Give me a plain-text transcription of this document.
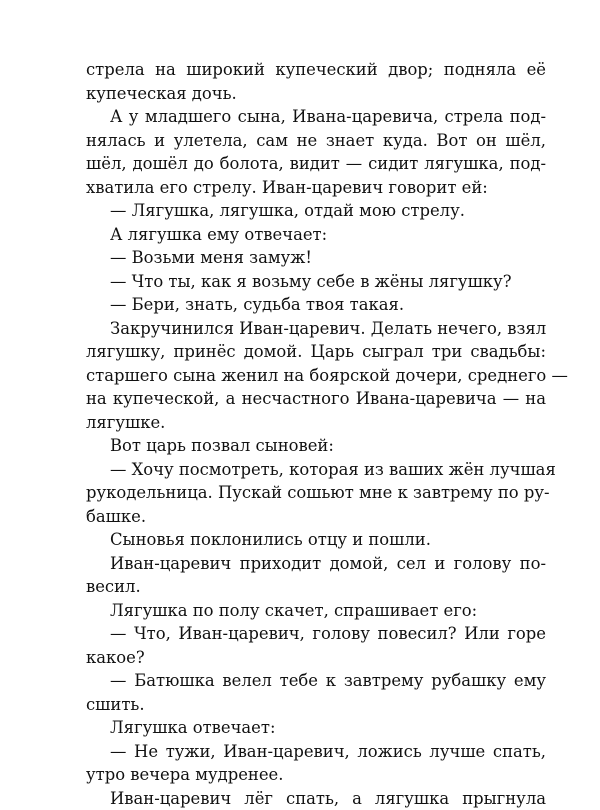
стрела на широкий купеческий двор; подняла её
купеческая дочь.
А у младшего сына, Ивана-царевича, стрела под-
нялась и улетела, сам не знает куда. Вот он шёл,
шёл, дошёл до болота, видит — сидит лягушка, под-
хватила его стрелу. Иван-царевич говорит ей:
— Лягушка, лягушка, отдай мою стрелу.
А лягушка ему отвечает:
— Возьми меня замуж!
— Что ты, как я возьму себе в жёны лягушку?
— Бери, знать, судьба твоя такая.
Закручинился Иван-царевич. Делать нечего, взял
лягушку, принёс домой. Царь сыграл три свадьбы:
старшего сына женил на боярской дочери, среднего —
на купеческой, а несчастного Ивана-царевича — на
лягушке.
Вот царь позвал сыновей:
— Хочу посмотреть, которая из ваших жён лучшая
рукодельница. Пускай сошьют мне к завтрему по ру-
башке.
Сыновья поклонились отцу и пошли.
Иван-царевич приходит домой, сел и голову по-
весил.
Лягушка по полу скачет, спрашивает его:
— Что, Иван-царевич, голову повесил? Или горе
какое?
— Батюшка велел тебе к завтрему рубашку ему
сшить.
Лягушка отвечает:
— Не тужи, Иван-царевич, ложись лучше спать,
утро вечера мудренее.
Иван-царевич лёг спать, а лягушка прыгнула
